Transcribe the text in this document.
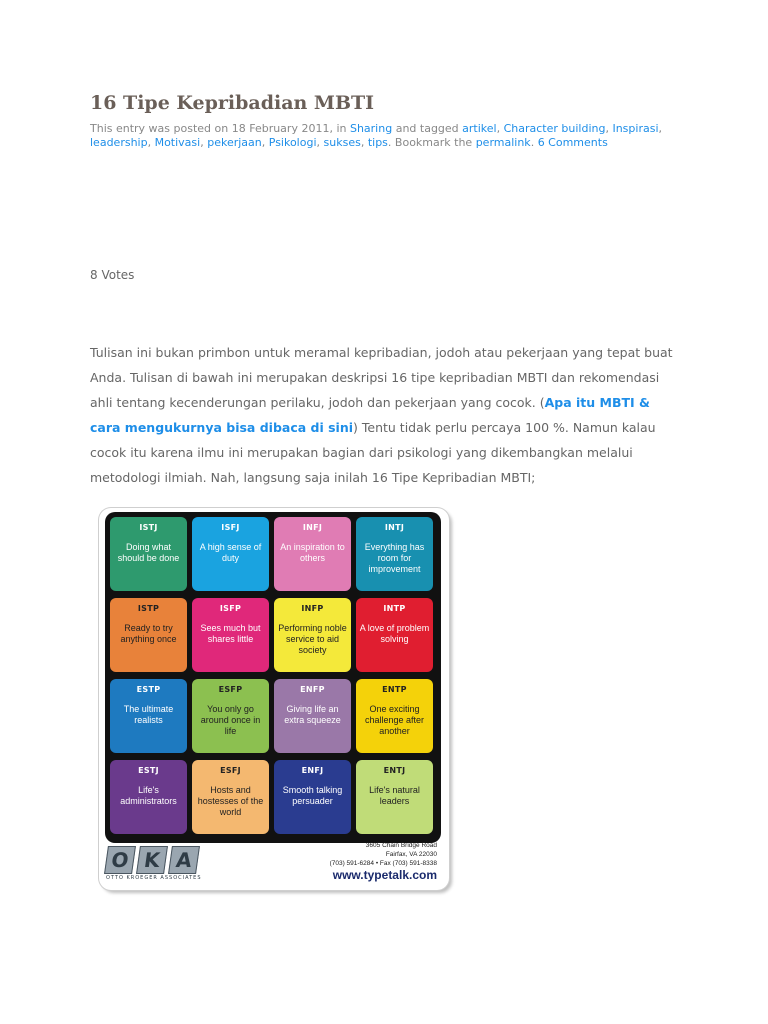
16 Tipe Kepribadian MBTI
This entry was posted on 18 February 2011, in Sharing and tagged artikel, Character building, Inspirasi, leadership, Motivasi, pekerjaan, Psikologi, sukses, tips. Bookmark the permalink. 6 Comments
8 Votes
Tulisan ini bukan primbon untuk meramal kepribadian, jodoh atau pekerjaan yang tepat buat Anda. Tulisan di bawah ini merupakan deskripsi 16 tipe kepribadian MBTI dan rekomendasi ahli tentang kecenderungan perilaku, jodoh dan pekerjaan yang cocok. (Apa itu MBTI & cara mengukurnya bisa dibaca di sini) Tentu tidak perlu percaya 100 %. Namun kalau cocok itu karena ilmu ini merupakan bagian dari psikologi yang dikembangkan melalui metodologi ilmiah. Nah, langsung saja inilah 16 Tipe Kepribadian MBTI;
ISTJ
Doing what should be done
ISFJ
A high sense of duty
INFJ
An inspiration to others
INTJ
Everything has room for improvement
ISTP
Ready to try anything once
ISFP
Sees much but shares little
INFP
Performing noble service to aid society
INTP
A love of problem solving
ESTP
The ultimate realists
ESFP
You only go around once in life
ENFP
Giving life an extra squeeze
ENTP
One exciting challenge after another
ESTJ
Life's administrators
ESFJ
Hosts and hostesses of the world
ENFJ
Smooth talking persuader
ENTJ
Life's natural leaders
O K A
OTTO KROEGER ASSOCIATES
3605 Chain Bridge Road
Fairfax, VA 22030
(703) 591-6284 • Fax (703) 591-8338
www.typetalk.com
